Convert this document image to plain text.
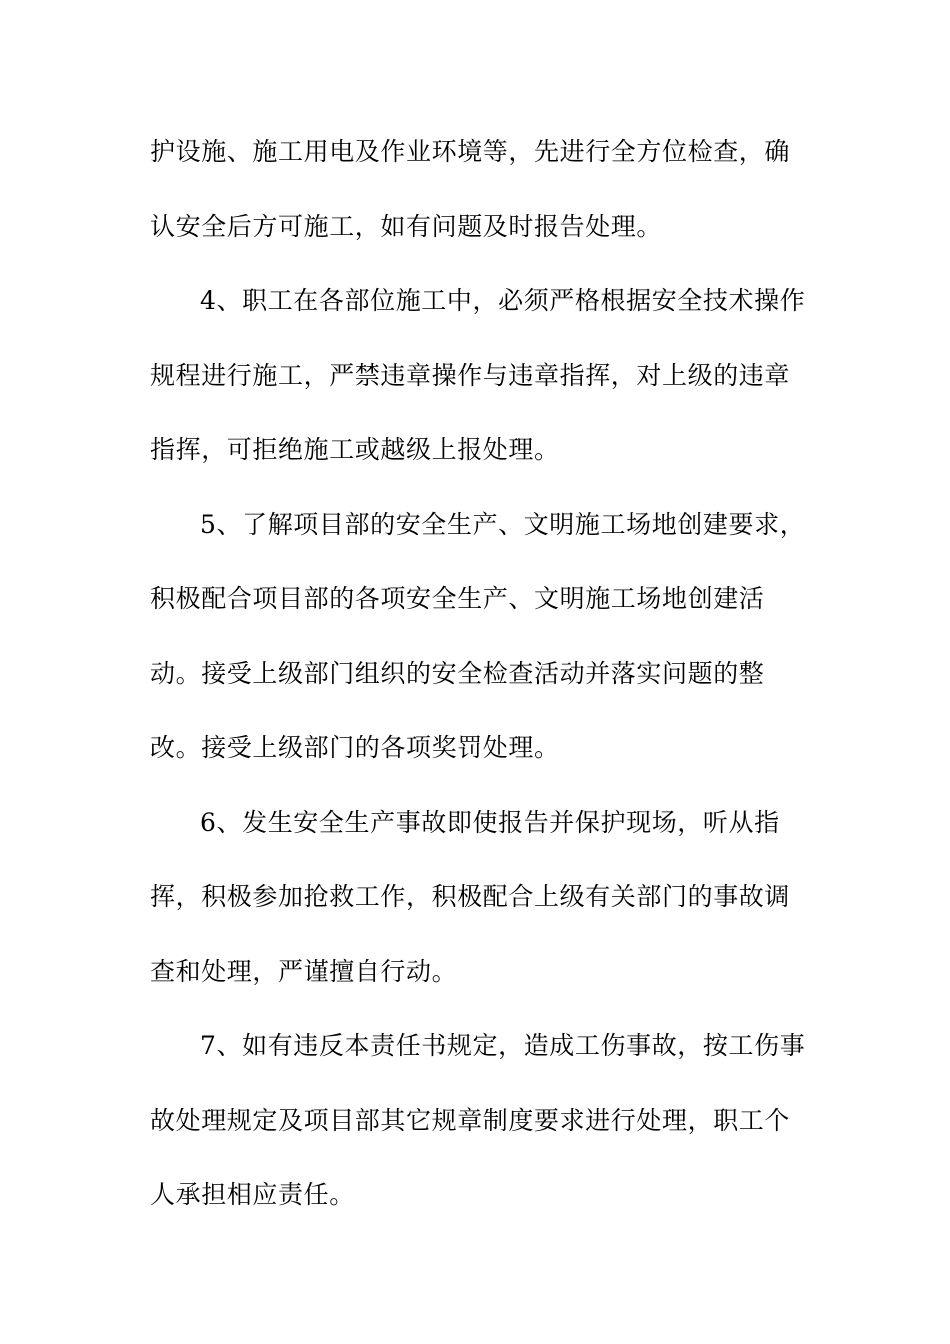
护设施、施工用电及作业环境等，先进行全方位检查，确认安全后方可施工，如有问题及时报告处理。

4、职工在各部位施工中，必须严格根据安全技术操作规程进行施工，严禁违章操作与违章指挥，对上级的违章指挥，可拒绝施工或越级上报处理。

5、了解项目部的安全生产、文明施工场地创建要求，积极配合项目部的各项安全生产、文明施工场地创建活动。接受上级部门组织的安全检查活动并落实问题的整改。接受上级部门的各项奖罚处理。

6、发生安全生产事故即使报告并保护现场，听从指挥，积极参加抢救工作，积极配合上级有关部门的事故调查和处理，严谨擅自行动。

7、如有违反本责任书规定，造成工伤事故，按工伤事故处理规定及项目部其它规章制度要求进行处理，职工个人承担相应责任。
